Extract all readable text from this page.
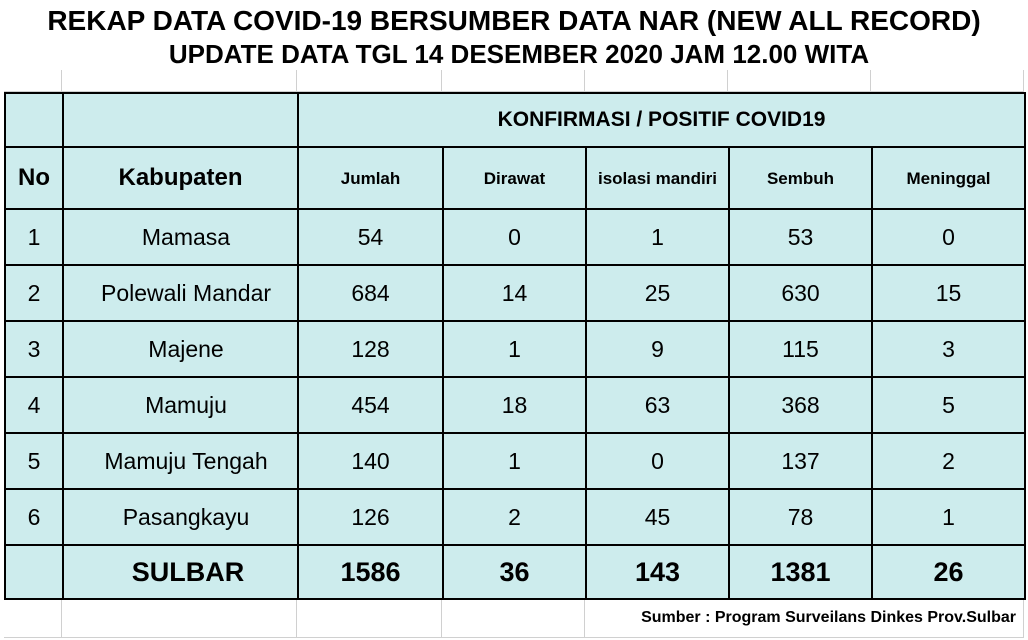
REKAP DATA COVID-19 BERSUMBER DATA NAR (NEW ALL RECORD)
UPDATE DATA TGL 14 DESEMBER 2020 JAM 12.00 WITA
		KONFIRMASI / POSITIF COVID19				
No	Kabupaten	Jumlah	Dirawat	isolasi mandiri	Sembuh	Meninggal
1	Mamasa	54	0	1	53	0
2	Polewali Mandar	684	14	25	630	15
3	Majene	128	1	9	115	3
4	Mamuju	454	18	63	368	5
5	Mamuju Tengah	140	1	0	137	2
6	Pasangkayu	126	2	45	78	1
	SULBAR	1586	36	143	1381	26
Sumber : Program Surveilans Dinkes Prov.Sulbar
